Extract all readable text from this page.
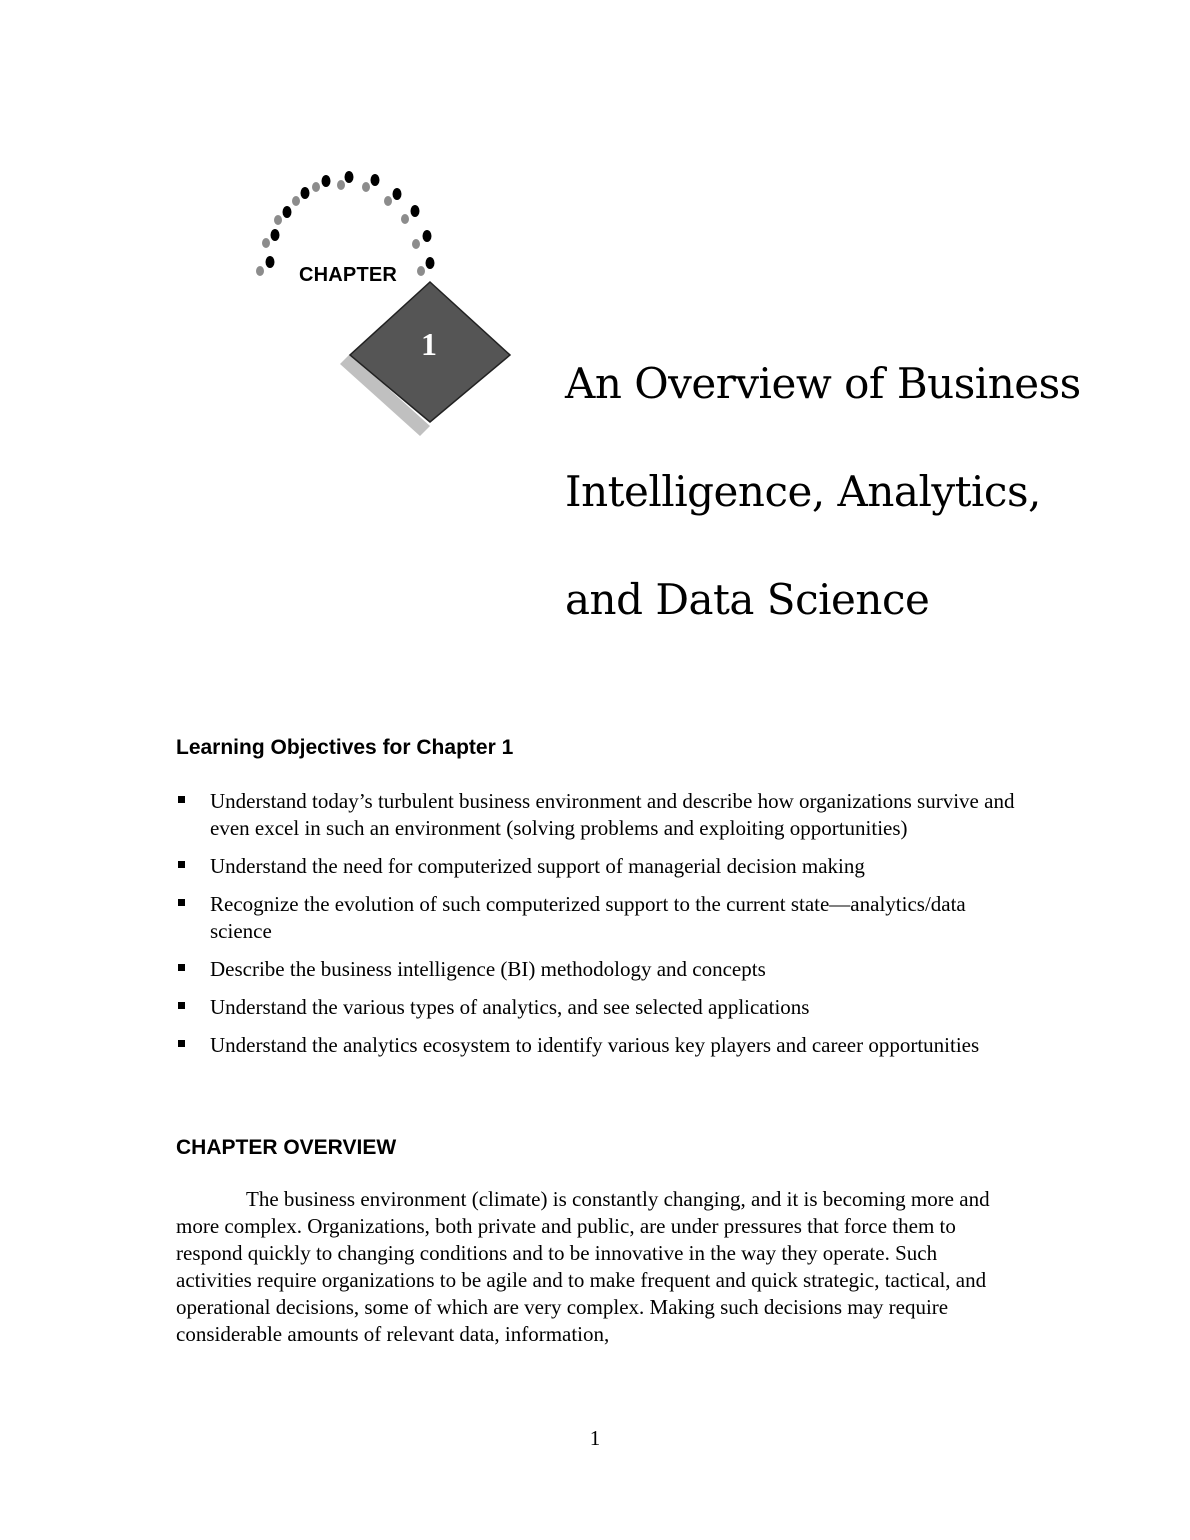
CHAPTER
1
An Overview of Business
Intelligence, Analytics,
and Data Science
Learning Objectives for Chapter 1
Understand today’s turbulent business environment and describe how organizations survive and even excel in such an environment (solving problems and exploiting opportunities)
Understand the need for computerized support of managerial decision making
Recognize the evolution of such computerized support to the current state—analytics/data science
Describe the business intelligence (BI) methodology and concepts
Understand the various types of analytics, and see selected applications
Understand the analytics ecosystem to identify various key players and career opportunities
CHAPTER OVERVIEW

The business environment (climate) is constantly changing, and it is becoming more and more complex. Organizations, both private and public, are under pressures that force them to respond quickly to changing conditions and to be innovative in the way they operate. Such activities require organizations to be agile and to make frequent and quick strategic, tactical, and operational decisions, some of which are very complex. Making such decisions may require considerable amounts of relevant data, information,

1
